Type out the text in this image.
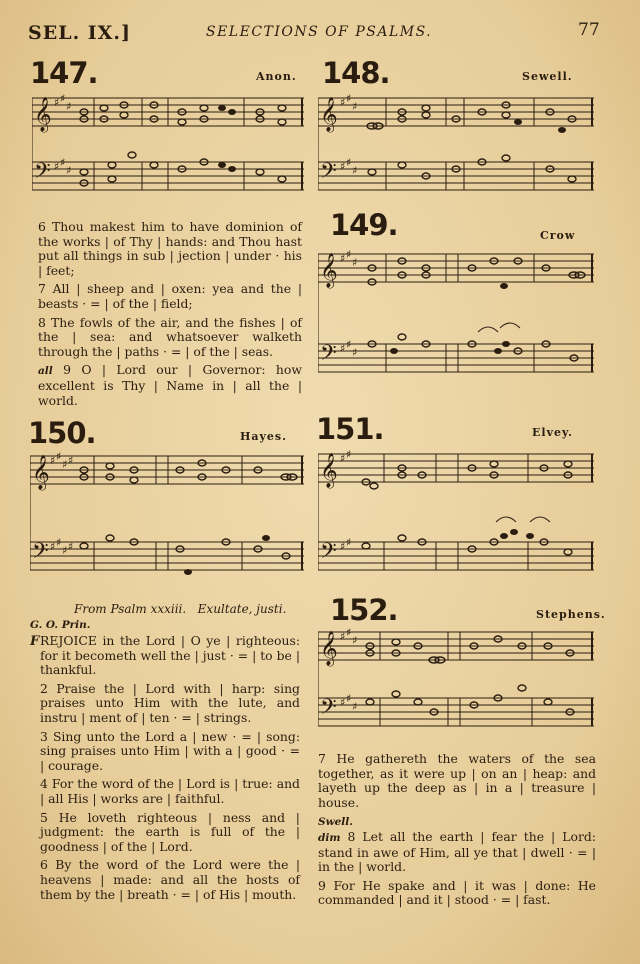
SEL. IX.]	SELECTIONS OF PSALMS.	77
147.	Anon. 148.	Sewell.
149.	Crow
150.	Hayes. 151.	Elvey.
152.	Stephens.
𝄞
𝄢
♯ ♯
♯
♯ ♯
♯
𝄞
𝄢
♯ ♯
♯
♯ ♯
♯
𝄞
𝄢
♯ ♯
♯
♯ ♯
♯
𝄞
𝄢
♯ ♯
♯ ♯
♯ ♯
♯ ♯
𝄞
𝄢
♯ ♯
♯ ♯
𝄞
𝄢
♯ ♯
♯
♯ ♯
♯

6 Thou makest him to have dominion of the works | of Thy | hands: and Thou hast put all things in sub | jection | under · his | feet;

7 All | sheep and | oxen: yea and the | beasts · = | of the | field;

8 The fowls of the air, and the fishes | of the | sea: and whatsoever walketh through the | paths · = | of the | seas.

all 9 O | Lord our | Governor: how excellent is Thy | Name in | all the | world.

From Psalm xxxiii. Exultate, justi.
G. O. Prin.
F REJOICE in the Lord | O ye | righteous: for it becometh well the | just · = | to be | thankful.

2 Praise the | Lord with | harp: sing praises unto Him with the lute, and instru | ment of | ten · = | strings.

3 Sing unto the Lord a | new · = | song: sing praises unto Him | with a | good · = | courage.

4 For the word of the | Lord is | true: and | all His | works are | faithful.

5 He loveth righteous | ness and | judgment: the earth is full of the | goodness | of the | Lord.

6 By the word of the Lord were the | heavens | made: and all the hosts of them by the | breath · = | of His | mouth.

7 He gathereth the waters of the sea together, as it were up | on an | heap: and layeth up the deep as | in a | treasure | house.

Swell.

dim 8 Let all the earth | fear the | Lord: stand in awe of Him, all ye that | dwell · = | in the | world.

9 For He spake and | it was | done: He commanded | and it | stood · = | fast.
